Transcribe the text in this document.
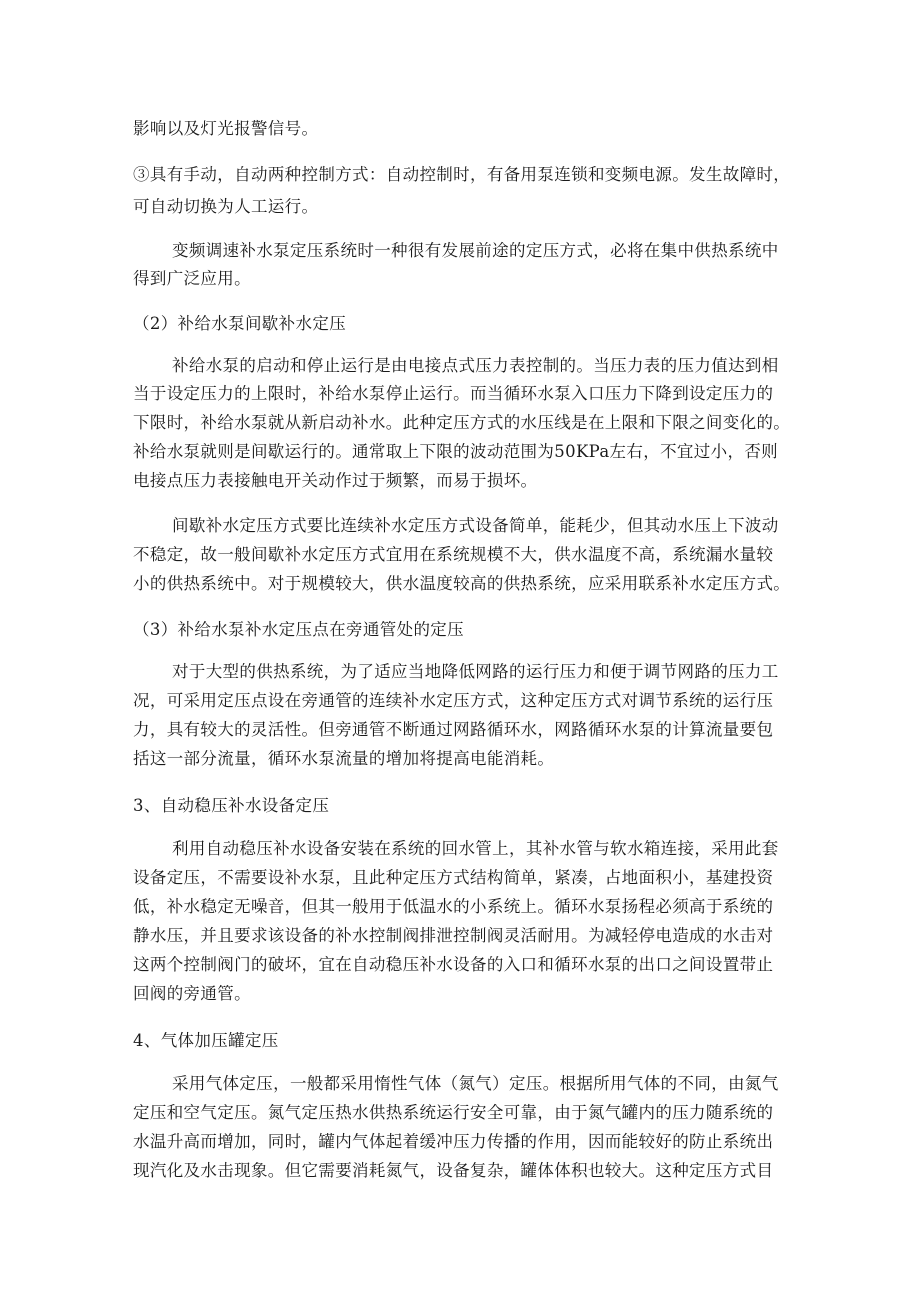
影响以及灯光报警信号。
③具有手动，自动两种控制方式：自动控制时，有备用泵连锁和变频电源。发生故障时，
可自动切换为人工运行。
变频调速补水泵定压系统时一种很有发展前途的定压方式，必将在集中供热系统中
得到广泛应用。
（2）补给水泵间歇补水定压
补给水泵的启动和停止运行是由电接点式压力表控制的。当压力表的压力值达到相
当于设定压力的上限时，补给水泵停止运行。而当循环水泵入口压力下降到设定压力的
下限时，补给水泵就从新启动补水。此种定压方式的水压线是在上限和下限之间变化的。
补给水泵就则是间歇运行的。通常取上下限的波动范围为50KPa左右，不宜过小，否则
电接点压力表接触电开关动作过于频繁，而易于损坏。
间歇补水定压方式要比连续补水定压方式设备简单，能耗少，但其动水压上下波动
不稳定，故一般间歇补水定压方式宜用在系统规模不大，供水温度不高，系统漏水量较
小的供热系统中。对于规模较大，供水温度较高的供热系统，应采用联系补水定压方式。
（3）补给水泵补水定压点在旁通管处的定压
对于大型的供热系统，为了适应当地降低网路的运行压力和便于调节网路的压力工
况，可采用定压点设在旁通管的连续补水定压方式，这种定压方式对调节系统的运行压
力，具有较大的灵活性。但旁通管不断通过网路循环水，网路循环水泵的计算流量要包
括这一部分流量，循环水泵流量的增加将提高电能消耗。
3、自动稳压补水设备定压
利用自动稳压补水设备安装在系统的回水管上，其补水管与软水箱连接，采用此套
设备定压，不需要设补水泵，且此种定压方式结构简单，紧凑，占地面积小，基建投资
低，补水稳定无噪音，但其一般用于低温水的小系统上。循环水泵扬程必须高于系统的
静水压，并且要求该设备的补水控制阀排泄控制阀灵活耐用。为减轻停电造成的水击对
这两个控制阀门的破坏，宜在自动稳压补水设备的入口和循环水泵的出口之间设置带止
回阀的旁通管。
4、气体加压罐定压
采用气体定压，一般都采用惰性气体（氮气）定压。根据所用气体的不同，由氮气
定压和空气定压。氮气定压热水供热系统运行安全可靠，由于氮气罐内的压力随系统的
水温升高而增加，同时，罐内气体起着缓冲压力传播的作用，因而能较好的防止系统出
现汽化及水击现象。但它需要消耗氮气，设备复杂，罐体体积也较大。这种定压方式目
